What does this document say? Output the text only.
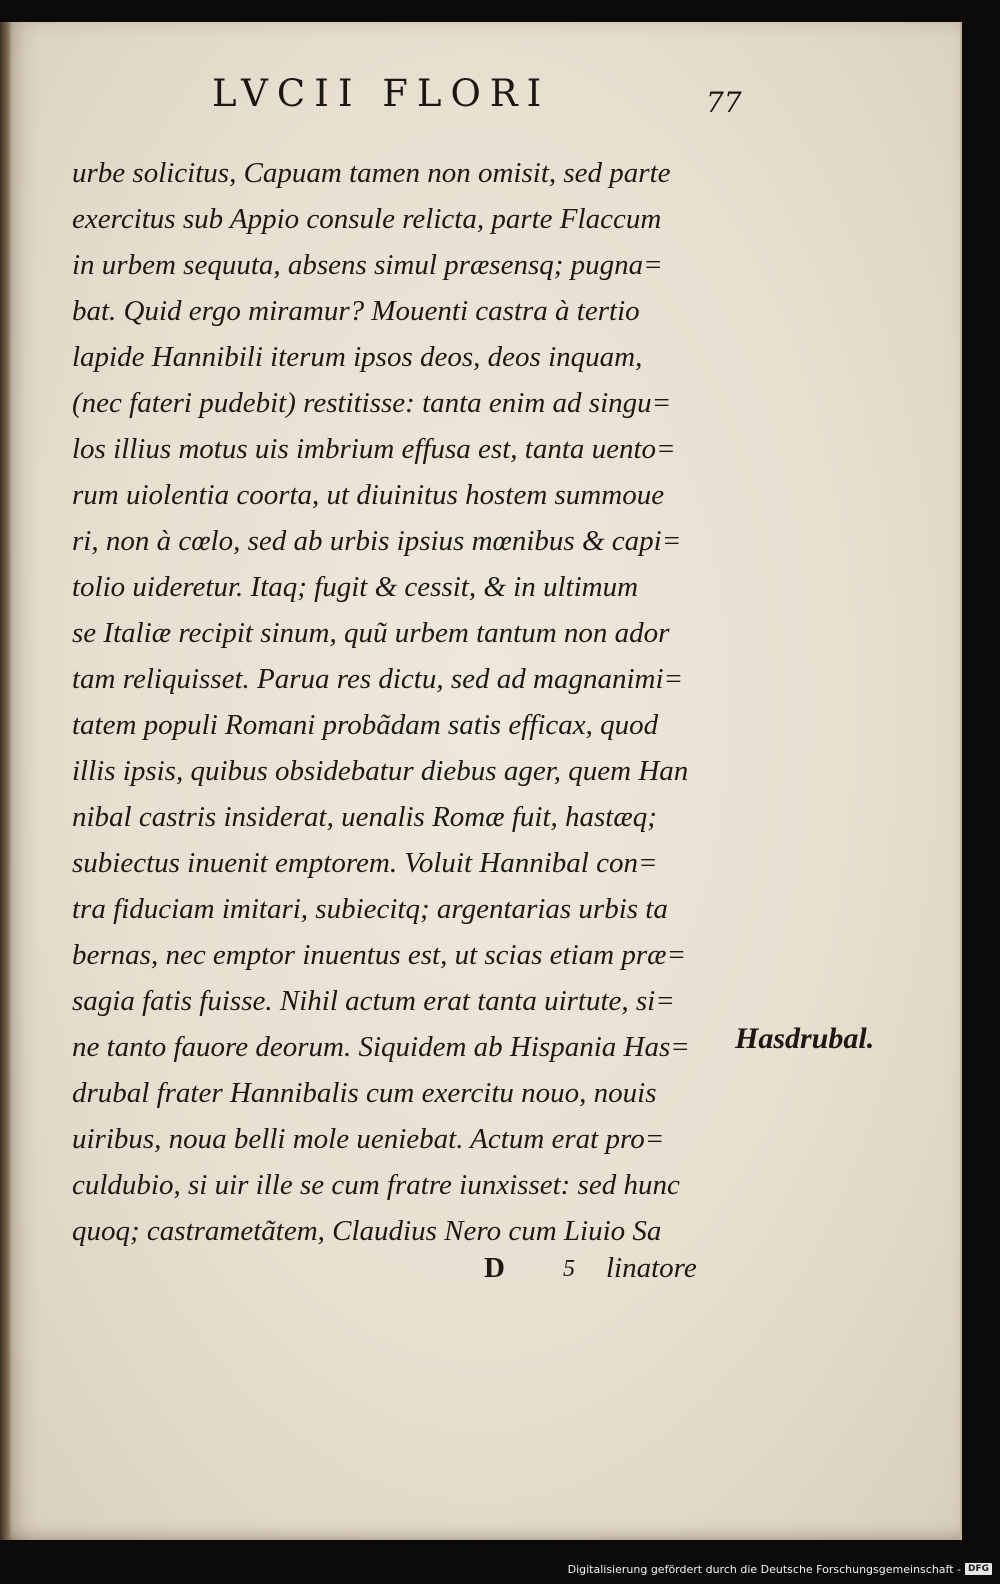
LVCII FLORI	77
urbe solicitus, Capuam tamen non omisit, sed parte
exercitus sub Appio consule relicta, parte Flaccum
in urbem sequuta, absens simul præsensq; pugna=
bat. Quid ergo miramur? Mouenti castra à tertio
lapide Hannibili iterum ipsos deos, deos inquam,
(nec fateri pudebit) restitisse: tanta enim ad singu=
los illius motus uis imbrium effusa est, tanta uento=
rum uiolentia coorta, ut diuinitus hostem summoue
ri, non à cœlo, sed ab urbis ipsius mœnibus & capi=
tolio uideretur. Itaq; fugit & cessit, & in ultimum
se Italiæ recipit sinum, quũ urbem tantum non ador
tam reliquisset. Parua res dictu, sed ad magnanimi=
tatem populi Romani probãdam satis efficax, quod
illis ipsis, quibus obsidebatur diebus ager, quem Han
nibal castris insiderat, uenalis Romæ fuit, hastæq;
subiectus inuenit emptorem. Voluit Hannibal con=
tra fiduciam imitari, subiecitq; argentarias urbis ta
bernas, nec emptor inuentus est, ut scias etiam præ=
sagia fatis fuisse. Nihil actum erat tanta uirtute, si=
ne tanto fauore deorum. Siquidem ab Hispania Has=
drubal frater Hannibalis cum exercitu nouo, nouis
uiribus, noua belli mole ueniebat. Actum erat pro=
culdubio, si uir ille se cum fratre iunxisset: sed hunc
quoq; castrametãtem, Claudius Nero cum Liuio Sa
Hasdrubal.
D 5 linatore
Digitalisierung gefördert durch die Deutsche Forschungsgemeinschaft - DFG
